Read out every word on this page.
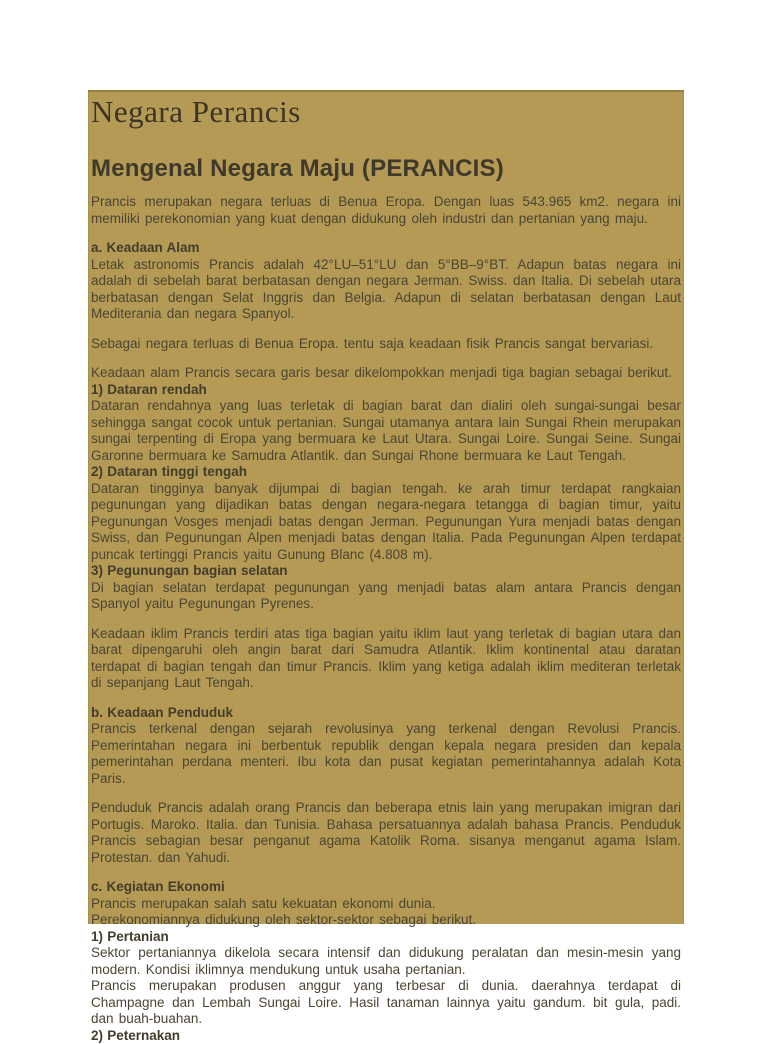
Negara Perancis
Mengenal Negara Maju (PERANCIS)

Prancis merupakan negara terluas di Benua Eropa. Dengan luas 543.965 km2. negara ini memiliki perekonomian yang kuat dengan didukung oleh industri dan pertanian yang maju.

a. Keadaan Alam

Letak astronomis Prancis adalah 42°LU–51°LU dan 5°BB–9°BT. Adapun batas negara ini adalah di sebelah barat berbatasan dengan negara Jerman. Swiss. dan Italia. Di sebelah utara berbatasan dengan Selat Inggris dan Belgia. Adapun di selatan berbatasan dengan Laut Mediterania dan negara Spanyol.

Sebagai negara terluas di Benua Eropa. tentu saja keadaan fisik Prancis sangat bervariasi.

Keadaan alam Prancis secara garis besar dikelompokkan menjadi tiga bagian sebagai berikut.

1) Dataran rendah

Dataran rendahnya yang luas terletak di bagian barat dan dialiri oleh sungai-sungai besar sehingga sangat cocok untuk pertanian. Sungai utamanya antara lain Sungai Rhein merupakan sungai terpenting di Eropa yang bermuara ke Laut Utara. Sungai Loire. Sungai Seine. Sungai Garonne bermuara ke Samudra Atlantik. dan Sungai Rhone bermuara ke Laut Tengah.

2) Dataran tinggi tengah

Dataran tingginya banyak dijumpai di bagian tengah. ke arah timur terdapat rangkaian pegunungan yang dijadikan batas dengan negara-negara tetangga di bagian timur, yaitu Pegunungan Vosges menjadi batas dengan Jerman. Pegunungan Yura menjadi batas dengan Swiss, dan Pegunungan Alpen menjadi batas dengan Italia. Pada Pegunungan Alpen terdapat puncak tertinggi Prancis yaitu Gunung Blanc (4.808 m).

3) Pegunungan bagian selatan

Di bagian selatan terdapat pegunungan yang menjadi batas alam antara Prancis dengan Spanyol yaitu Pegunungan Pyrenes.

Keadaan iklim Prancis terdiri atas tiga bagian yaitu iklim laut yang terletak di bagian utara dan barat dipengaruhi oleh angin barat dari Samudra Atlantik. Iklim kontinental atau daratan terdapat di bagian tengah dan timur Prancis. Iklim yang ketiga adalah iklim mediteran terletak di sepanjang Laut Tengah.

b. Keadaan Penduduk

Prancis terkenal dengan sejarah revolusinya yang terkenal dengan Revolusi Prancis. Pemerintahan negara ini berbentuk republik dengan kepala negara presiden dan kepala pemerintahan perdana menteri. Ibu kota dan pusat kegiatan pemerintahannya adalah Kota Paris.

Penduduk Prancis adalah orang Prancis dan beberapa etnis lain yang merupakan imigran dari Portugis. Maroko. Italia. dan Tunisia. Bahasa persatuannya adalah bahasa Prancis. Penduduk Prancis sebagian besar penganut agama Katolik Roma. sisanya menganut agama Islam. Protestan. dan Yahudi.

c. Kegiatan Ekonomi

Prancis merupakan salah satu kekuatan ekonomi dunia.

Perekonomiannya didukung oleh sektor-sektor sebagai berikut.

1) Pertanian

Sektor pertaniannya dikelola secara intensif dan didukung peralatan dan mesin-mesin yang modern. Kondisi iklimnya mendukung untuk usaha pertanian.

Prancis merupakan produsen anggur yang terbesar di dunia. daerahnya terdapat di Champagne dan Lembah Sungai Loire. Hasil tanaman lainnya yaitu gandum. bit gula, padi. dan buah-buahan.

2) Peternakan
